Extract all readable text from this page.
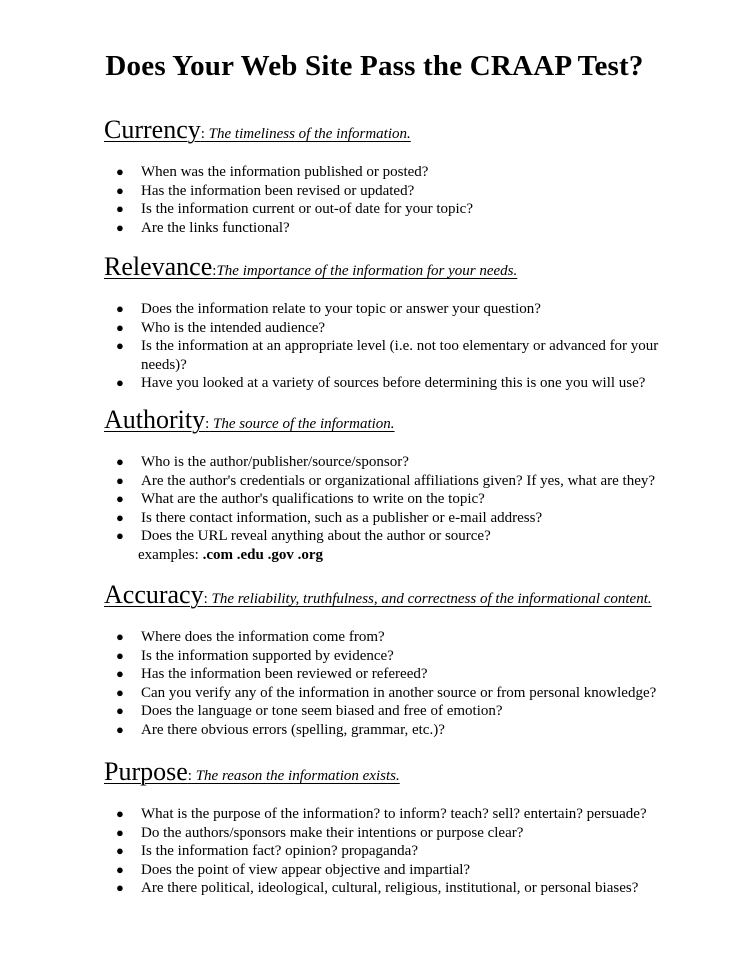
Does Your Web Site Pass the CRAAP Test?

Currency: The timeliness of the information.

● When was the information published or posted?
● Has the information been revised or updated?
● Is the information current or out-of date for your topic?
● Are the links functional?

Relevance:The importance of the information for your needs.

● Does the information relate to your topic or answer your question?
● Who is the intended audience?
● Is the information at an appropriate level (i.e. not too elementary or advanced for your needs)?
● Have you looked at a variety of sources before determining this is one you will use?

Authority: The source of the information.

● Who is the author/publisher/source/sponsor?
● Are the author's credentials or organizational affiliations given? If yes, what are they?
● What are the author's qualifications to write on the topic?
● Is there contact information, such as a publisher or e-mail address?
● Does the URL reveal anything about the author or source?
examples: .com .edu .gov .org

Accuracy: The reliability, truthfulness, and correctness of the informational content.

● Where does the information come from?
● Is the information supported by evidence?
● Has the information been reviewed or refereed?
● Can you verify any of the information in another source or from personal knowledge?
● Does the language or tone seem biased and free of emotion?
● Are there obvious errors (spelling, grammar, etc.)?

Purpose: The reason the information exists.

● What is the purpose of the information? to inform? teach? sell? entertain? persuade?
● Do the authors/sponsors make their intentions or purpose clear?
● Is the information fact? opinion? propaganda?
● Does the point of view appear objective and impartial?
● Are there political, ideological, cultural, religious, institutional, or personal biases?
